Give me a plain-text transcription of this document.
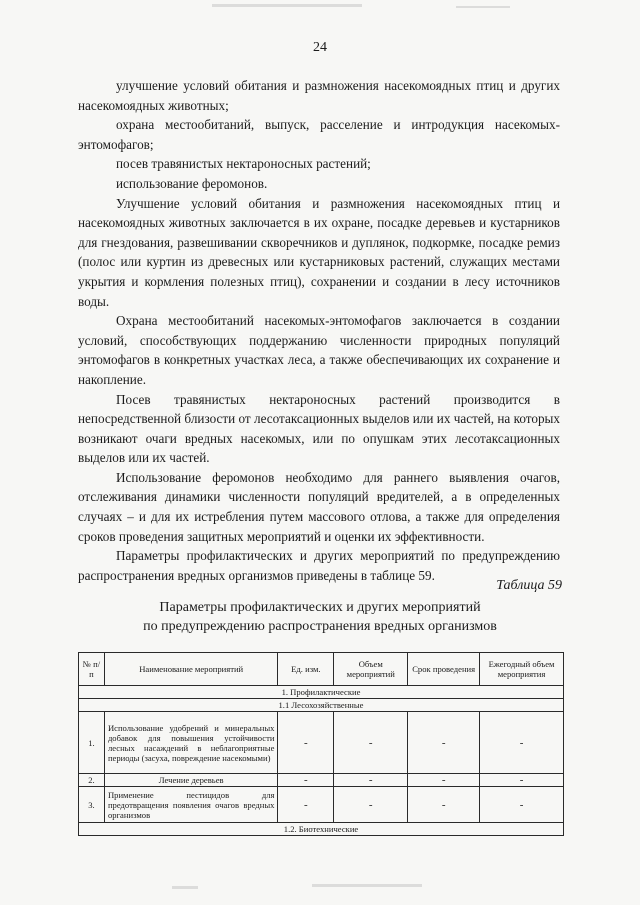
24

улучшение условий обитания и размножения насекомоядных птиц и других насекомоядных животных;

охрана местообитаний, выпуск, расселение и интродукция насекомых-энтомофагов;

посев травянистых нектароносных растений;

использование феромонов.

Улучшение условий обитания и размножения насекомоядных птиц и насекомоядных животных заключается в их охране, посадке деревьев и кустарников для гнездования, развешивании скворечников и дуплянок, подкормке, посадке ремиз (полос или куртин из древесных или кустарниковых растений, служащих местами укрытия и кормления полезных птиц), сохранении и создании в лесу источников воды.

Охрана местообитаний насекомых-энтомофагов заключается в создании условий, способствующих поддержанию численности природных популяций энтомофагов в конкретных участках леса, а также обеспечивающих их сохранение и накопление.

Посев травянистых нектароносных растений производится в непосредственной близости от лесотаксационных выделов или их частей, на которых возникают очаги вредных насекомых, или по опушкам этих лесотаксационных выделов или их частей.

Использование феромонов необходимо для раннего выявления очагов, отслеживания динамики численности популяций вредителей, а в определенных случаях – и для их истребления путем массового отлова, а также для определения сроков проведения защитных мероприятий и оценки их эффективности.

Параметры профилактических и других мероприятий по предупреждению распространения вредных организмов приведены в таблице 59.

Таблица 59
Параметры профилактических и других мероприятий
по предупреждению распространения вредных организмов
№ п/п	Наименование мероприятий	Ед. изм.	Объем мероприятий	Срок проведения	Ежегодный объем мероприятия
1. Профилактические					
1.1 Лесохозяйственные					
1.	Использование удобрений и минеральных добавок для повышения устойчивости лесных насаждений в неблагоприятные периоды (засуха, повреждение насекомыми)	-	-	-	-
2.	Лечение деревьев	-	-	-	-
3.	Применение пестицидов для предотвращения появления очагов вредных организмов	-	-	-	-
1.2. Биотехнические					
